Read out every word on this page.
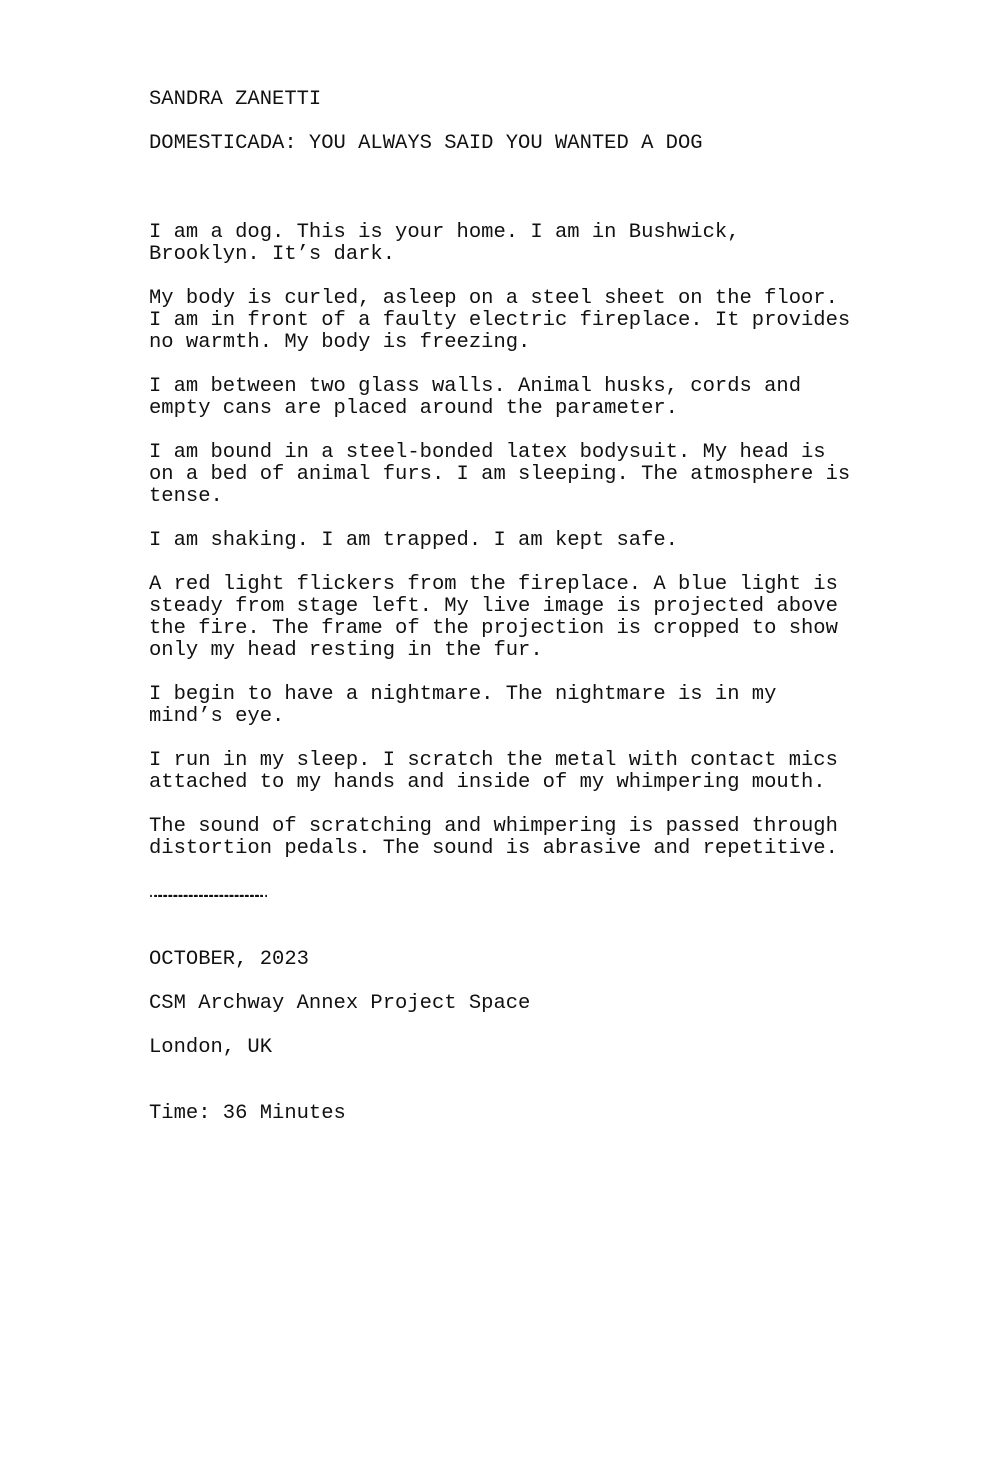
SANDRA ZANETTI

DOMESTICADA: YOU ALWAYS SAID YOU WANTED A DOG

I am a dog. This is your home. I am in Bushwick,
Brooklyn. It’s dark.
My body is curled, asleep on a steel sheet on the floor.
I am in front of a faulty electric fireplace. It provides
no warmth. My body is freezing.
I am between two glass walls. Animal husks, cords and
empty cans are placed around the parameter.
I am bound in a steel-bonded latex bodysuit. My head is
on a bed of animal furs. I am sleeping. The atmosphere is
tense.
I am shaking. I am trapped. I am kept safe.
A red light flickers from the fireplace. A blue light is
steady from stage left. My live image is projected above
the fire. The frame of the projection is cropped to show
only my head resting in the fur.
I begin to have a nightmare. The nightmare is in my
mind’s eye.
I run in my sleep. I scratch the metal with contact mics
attached to my hands and inside of my whimpering mouth.
The sound of scratching and whimpering is passed through
distortion pedals. The sound is abrasive and repetitive.

…………………………………………………………

OCTOBER, 2023

CSM Archway Annex Project Space

London, UK

Time: 36 Minutes
